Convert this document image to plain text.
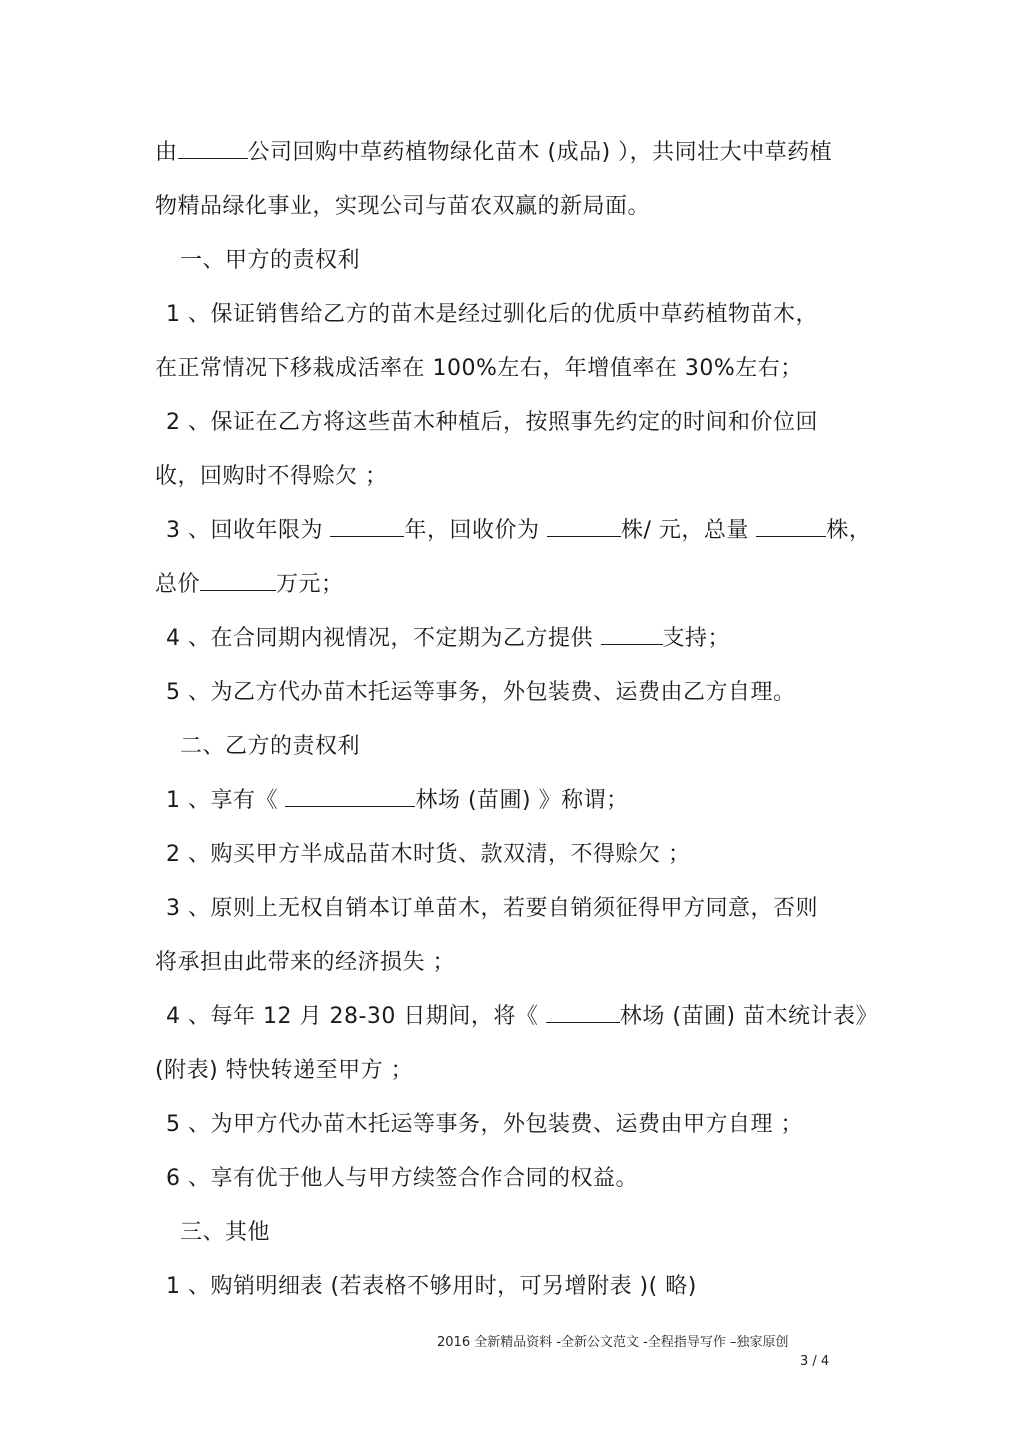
由	公司回购中草药植物绿化苗木 (成品) ），共同壮大中草药植
物精品绿化事业，实现公司与苗农双赢的新局面。
一、甲方的责权利
1 、保证销售给乙方的苗木是经过驯化后的优质中草药植物苗木，
在正常情况下移栽成活率在 100%左右，年增值率在 30%左右；
2 、保证在乙方将这些苗木种植后，按照事先约定的时间和价位回
收，回购时不得赊欠 ；
3 、回收年限为	年，回收价为	株/ 元，总量	株，
总价	万元；
4 、在合同期内视情况，不定期为乙方提供	支持；
5 、为乙方代办苗木托运等事务，外包装费、运费由乙方自理。
二、乙方的责权利
1 、享有《	林场 (苗圃) 》称谓；
2 、购买甲方半成品苗木时货、款双清，不得赊欠 ；
3 、原则上无权自销本订单苗木，若要自销须征得甲方同意，否则
将承担由此带来的经济损失 ；
4 、每年 12 月 28-30 日期间，将《	林场 (苗圃) 苗木统计表》
(附表) 特快转递至甲方 ；
5 、为甲方代办苗木托运等事务，外包装费、运费由甲方自理 ；
6 、享有优于他人与甲方续签合作合同的权益。
三、其他
1 、购销明细表 (若表格不够用时，可另增附表 )( 略)
2016 全新精品资料 -全新公文范文 -全程指导写作 –独家原创
3 / 4
